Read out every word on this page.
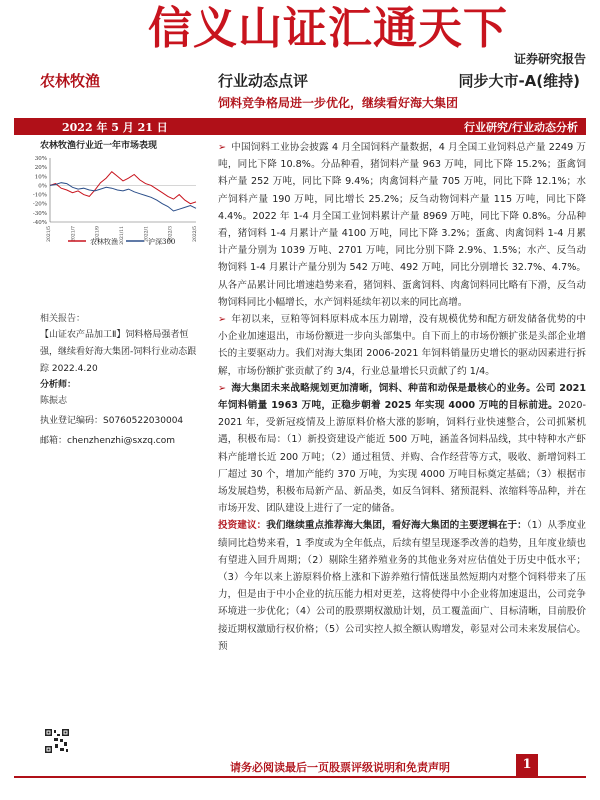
信义山证汇通天下
证券研究报告
农林牧渔	行业动态点评	同步大市-A(维持)
饲料竞争格局进一步优化，继续看好海大集团
2022 年 5 月 21 日	行业研究/行业动态分析
农林牧渔行业近一年市场表现
30%
20%
10%
0%
-10%
-20%
-30%
-40%
2021/5	2021/7	2021/9	2021/11	2022/1	2022/3	2022/5
农林牧渔	沪深300
相关报告：
【山证农产品加工Ⅱ】饲料格局强者恒强，继续看好海大集团-饲料行业动态跟踪 2022.4.20
分析师：
陈振志
执业登记编码：S0760522030004
邮箱：chenzhenzhi@sxzq.com
➢ 中国饲料工业协会披露 4 月全国饲料产量数据，4 月全国工业饲料总产量 2249 万吨，同比下降 10.8%。分品种看，猪饲料产量 963 万吨，同比下降 15.2%；蛋禽饲料产量 252 万吨，同比下降 9.4%；肉禽饲料产量 705 万吨，同比下降 12.1%；水产饲料产量 190 万吨，同比增长 25.2%；反刍动物饲料产量 115 万吨，同比下降 4.4%。2022 年 1-4 月全国工业饲料累计产量 8969 万吨，同比下降 0.8%。分品种看，猪饲料 1-4 月累计产量 4100 万吨，同比下降 3.2%；蛋禽、肉禽饲料 1-4 月累计产量分别为 1039 万吨、2701 万吨，同比分别下降 2.9%、1.5%；水产、反刍动物饲料 1-4 月累计产量分别为 542 万吨、492 万吨，同比分别增长 32.7%、4.7%。从各产品累计同比增速趋势来看，猪饲料、蛋禽饲料、肉禽饲料同比略有下滑，反刍动物饲料同比小幅增长，水产饲料延续年初以来的同比高增。
➢ 年初以来，豆粕等饲料原料成本压力剧增，没有规模优势和配方研发储备优势的中小企业加速退出，市场份额进一步向头部集中。自下而上的市场份额扩张是头部企业增长的主要驱动力。我们对海大集团 2006-2021 年饲料销量历史增长的驱动因素进行拆解，市场份额扩张贡献了约 3/4，行业总量增长只贡献了约 1/4。
➢ 海大集团未来战略规划更加清晰，饲料、种苗和动保是最核心的业务。公司 2021 年饲料销量 1963 万吨，正稳步朝着 2025 年实现 4000 万吨的目标前进。2020-2021 年，受新冠疫情及上游原料价格大涨的影响，饲料行业快速整合，公司抓紧机遇，积极布局：（1）新投资建设产能近 500 万吨，涵盖各饲料品线，其中特种水产虾料产能增长近 200 万吨；（2）通过租赁、并购、合作经营等方式，吸收、新增饲料工厂超过 30 个，增加产能约 370 万吨，为实现 4000 万吨目标奠定基础；（3）根据市场发展趋势，积极布局新产品、新品类，如反刍饲料、猪预混料、浓缩料等品种，并在市场开发、团队建设上进行了一定的储备。
投资建议：我们继续重点推荐海大集团，看好海大集团的主要逻辑在于：（1）从季度业绩同比趋势来看，1 季度或为全年低点，后续有望呈现逐季改善的趋势，且年度业绩也有望进入回升周期；（2）剔除生猪养殖业务的其他业务对应估值处于历史中低水平；（3）今年以来上游原料价格上涨和下游养殖行情低迷虽然短期内对整个饲料带来了压力，但是由于中小企业的抗压能力相对更差，这将使得中小企业将加速退出，公司竞争环境进一步优化；（4）公司的股票期权激励计划，员工覆盖面广、目标清晰，目前股价接近期权激励行权价格；（5）公司实控人拟全额认购增发，彰显对公司未来发展信心。预
请务必阅读最后一页股票评级说明和免责声明	1
